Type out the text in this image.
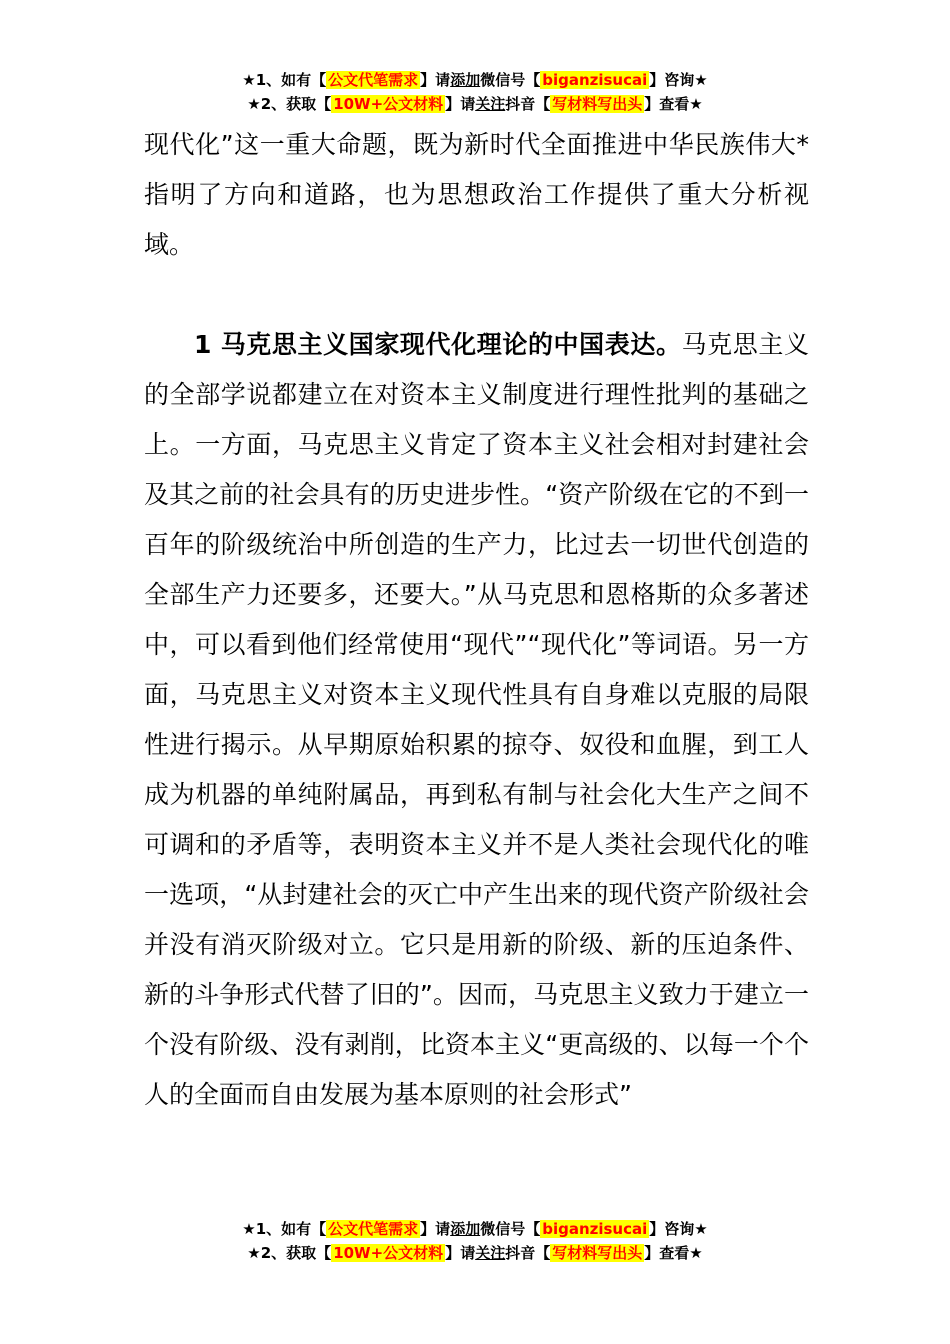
★1、如有【 公文代笔需求 】请添加微信号【 biganzisucai 】咨询★
★2、获取【 10W+公文材料 】请关注抖音【 写材料写出头 】查看★

现代化”这一重大命题，既为新时代全面推进中华民族伟大*指明了方向和道路，也为思想政治工作提供了重大分析视域。

1 马克思主义国家现代化理论的中国表达。马克思主义的全部学说都建立在对资本主义制度进行理性批判的基础之上。一方面，马克思主义肯定了资本主义社会相对封建社会及其之前的社会具有的历史进步性。“资产阶级在它的不到一百年的阶级统治中所创造的生产力，比过去一切世代创造的全部生产力还要多，还要大。”从马克思和恩格斯的众多著述中，可以看到他们经常使用“现代”“现代化”等词语。另一方面，马克思主义对资本主义现代性具有自身难以克服的局限性进行揭示。从早期原始积累的掠夺、奴役和血腥，到工人成为机器的单纯附属品，再到私有制与社会化大生产之间不可调和的矛盾等，表明资本主义并不是人类社会现代化的唯一选项，“从封建社会的灭亡中产生出来的现代资产阶级社会并没有消灭阶级对立。它只是用新的阶级、新的压迫条件、新的斗争形式代替了旧的”。因而，马克思主义致力于建立一个没有阶级、没有剥削，比资本主义“更高级的、以每一个个人的全面而自由发展为基本原则的社会形式”

★1、如有【 公文代笔需求 】请添加微信号【 biganzisucai 】咨询★
★2、获取【 10W+公文材料 】请关注抖音【 写材料写出头 】查看★
